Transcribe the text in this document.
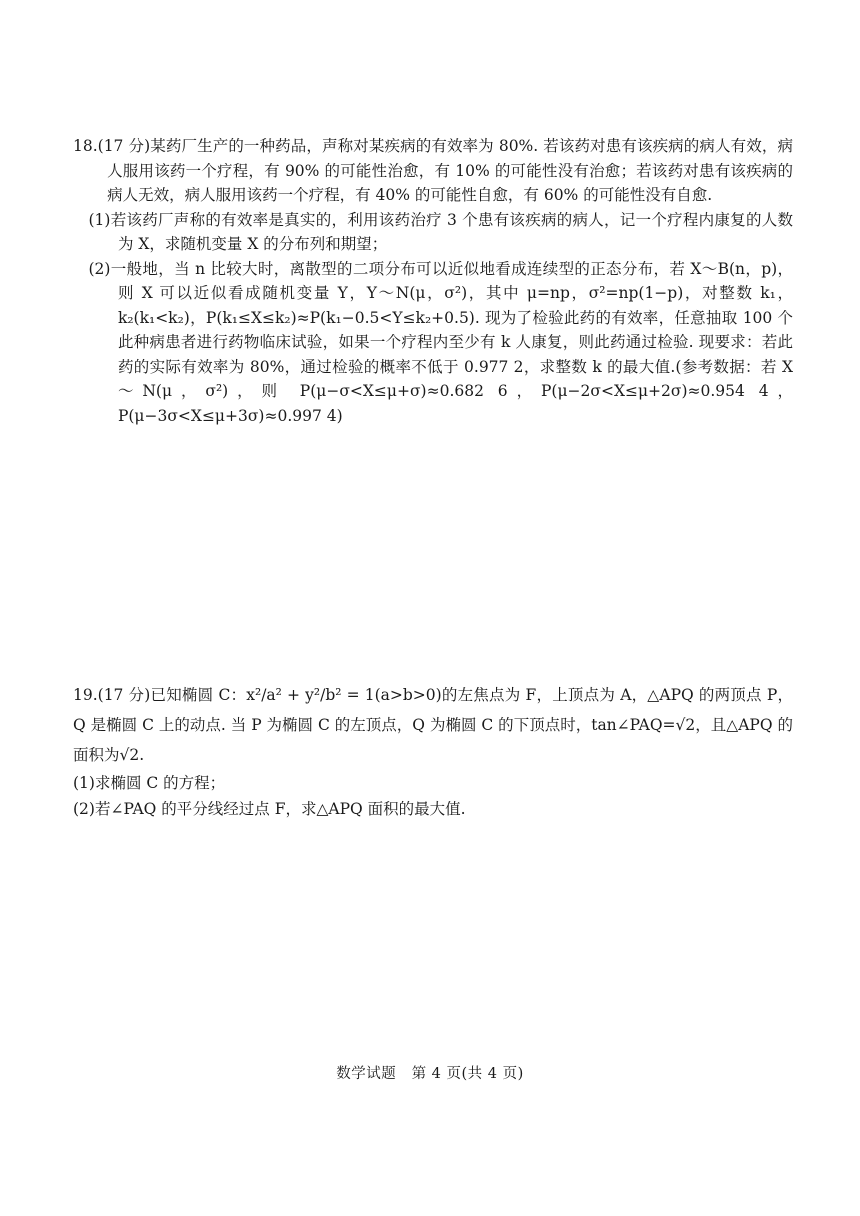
18.(17 分)某药厂生产的一种药品，声称对某疾病的有效率为 80%. 若该药对患有该疾病的病人有效，病人服用该药一个疗程，有 90% 的可能性治愈，有 10% 的可能性没有治愈；若该药对患有该疾病的病人无效，病人服用该药一个疗程，有 40% 的可能性自愈，有 60% 的可能性没有自愈.

(1)若该药厂声称的有效率是真实的，利用该药治疗 3 个患有该疾病的病人，记一个疗程内康复的人数为 X，求随机变量 X 的分布列和期望；

(2)一般地，当 n 比较大时，离散型的二项分布可以近似地看成连续型的正态分布，若 X～B(n，p)，则 X 可以近似看成随机变量 Y，Y～N(μ，σ²)，其中 μ=np，σ²=np(1−p)，对整数 k₁，k₂(k₁<k₂)，P(k₁≤X≤k₂)≈P(k₁−0.5<Y≤k₂+0.5). 现为了检验此药的有效率，任意抽取 100 个此种病患者进行药物临床试验，如果一个疗程内至少有 k 人康复，则此药通过检验. 现要求：若此药的实际有效率为 80%，通过检验的概率不低于 0.977 2，求整数 k 的最大值.(参考数据：若 X～N(μ，σ²)，则 P(μ−σ<X≤μ+σ)≈0.682 6，P(μ−2σ<X≤μ+2σ)≈0.954 4，P(μ−3σ<X≤μ+3σ)≈0.997 4)

19.(17 分)已知椭圆 C：x²/a² + y²/b² = 1(a>b>0)的左焦点为 F，上顶点为 A，△APQ 的两顶点 P，Q 是椭圆 C 上的动点. 当 P 为椭圆 C 的左顶点，Q 为椭圆 C 的下顶点时，tan∠PAQ=√2，且△APQ 的面积为√2.

(1)求椭圆 C 的方程；

(2)若∠PAQ 的平分线经过点 F，求△APQ 面积的最大值.

数学试题 第 4 页(共 4 页)
